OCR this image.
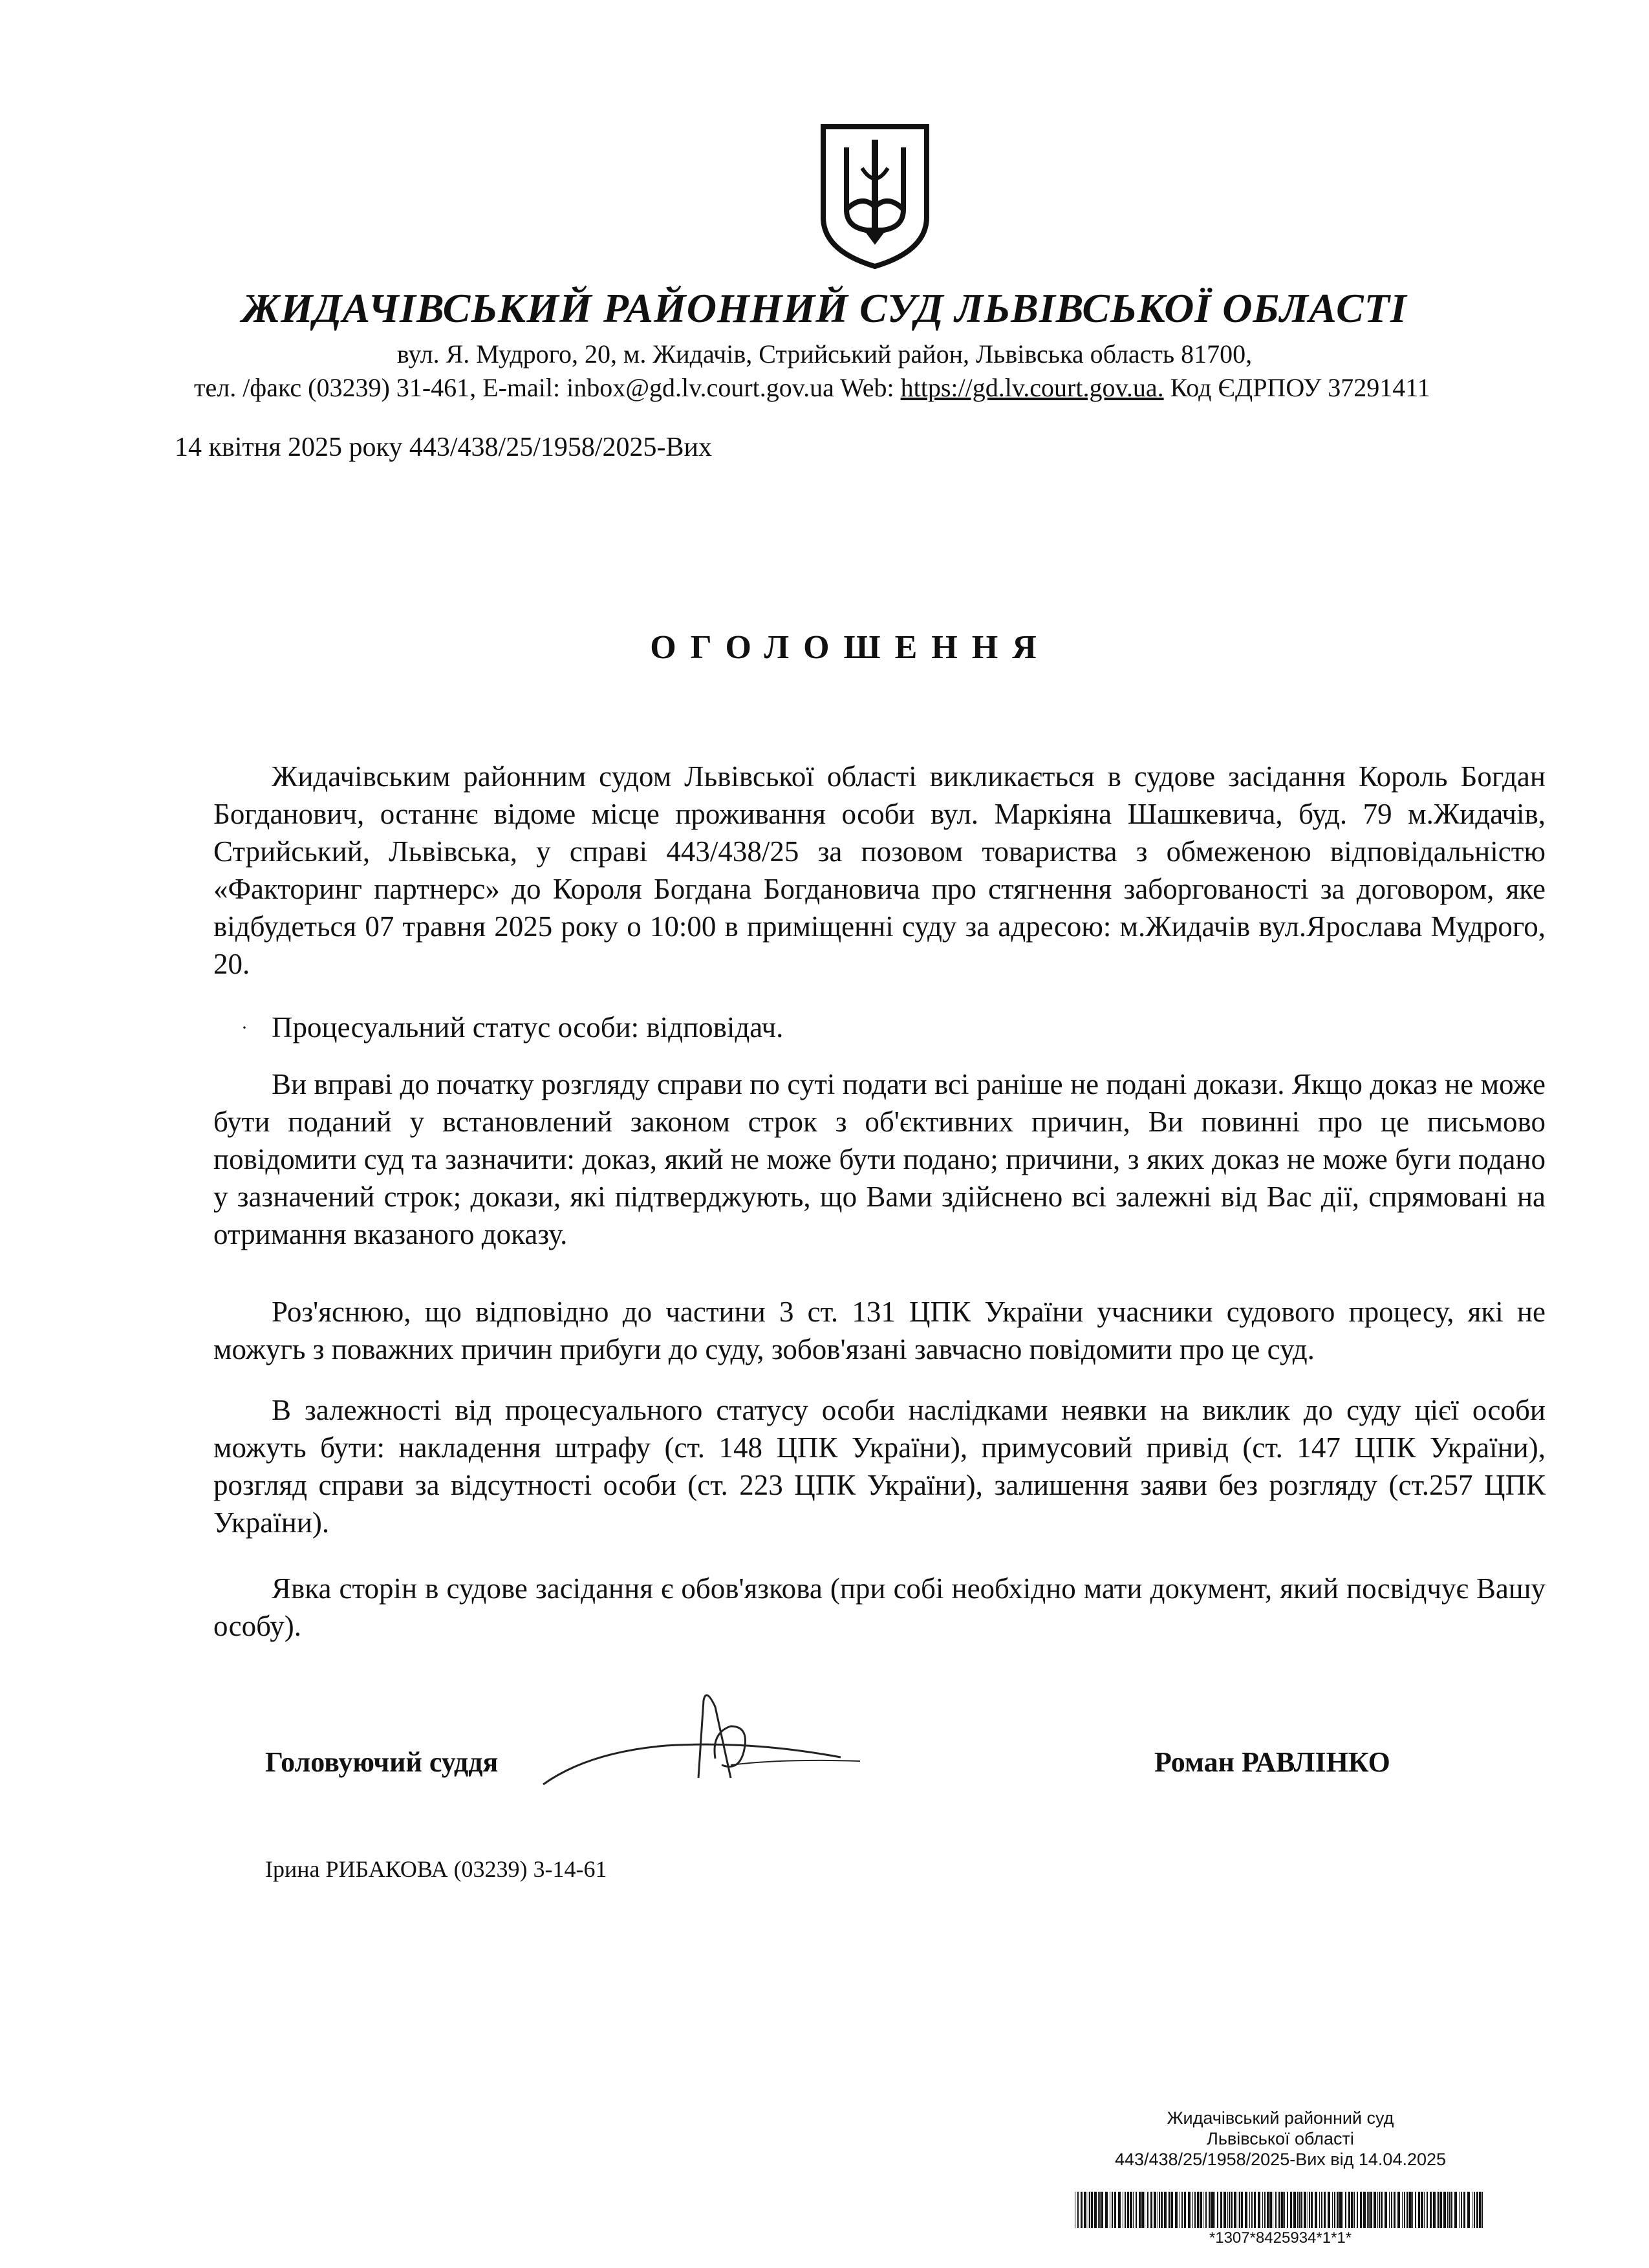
ЖИДАЧІВСЬКИЙ РАЙОННИЙ СУД ЛЬВІВСЬКОЇ ОБЛАСТІ
вул. Я. Мудрого, 20, м. Жидачів, Стрийський район, Львівська область 81700,
тел. /факс (03239) 31-461, E-mail: inbox@gd.lv.court.gov.ua Web: https://gd.lv.court.gov.ua. Код ЄДРПОУ 37291411
14 квітня 2025 року 443/438/25/1958/2025-Вих
ОГОЛОШЕННЯ
Жидачівським районним судом Львівської області викликається в судове засідання Король Богдан Богданович, останнє відоме місце проживання особи вул. Маркіяна Шашкевича, буд. 79 м.Жидачів, Стрийський, Львівська, у справі 443/438/25 за позовом товариства з обмеженою відповідальністю «Факторинг партнерс» до Короля Богдана Богдановича про стягнення заборгованості за договором, яке відбудеться 07 травня 2025 року о 10:00 в приміщенні суду за адресою: м.Жидачів вул.Ярослава Мудрого, 20.
· Процесуальний статус особи: відповідач.
Ви вправі до початку розгляду справи по суті подати всі раніше не подані докази. Якщо доказ не може бути поданий у встановлений законом строк з об'єктивних причин, Ви повинні про це письмово повідомити суд та зазначити: доказ, який не може бути подано; причини, з яких доказ не може буги подано у зазначений строк; докази, які підтверджують, що Вами здійснено всі залежні від Вас дії, спрямовані на отримання вказаного доказу.
Роз'яснюю, що відповідно до частини 3 ст. 131 ЦПК України учасники судового процесу, які не можугь з поважних причин прибуги до суду, зобов'язані завчасно повідомити про це суд.
В залежності від процесуального статусу особи наслідками неявки на виклик до суду цієї особи можуть бути: накладення штрафу (ст. 148 ЦПК України), примусовий привід (ст. 147 ЦПК України), розгляд справи за відсутності особи (ст. 223 ЦПК України), залишення заяви без розгляду (ст.257 ЦПК України).
Явка сторін в судове засідання є обов'язкова (при собі необхідно мати документ, який посвідчує Вашу особу).
Головуючий суддя	Роман РАВЛІНКО
Ірина РИБАКОВА (03239) 3-14-61
Жидачівський районний суд
Львівської області
443/438/25/1958/2025-Вих від 14.04.2025
*1307*8425934*1*1*
